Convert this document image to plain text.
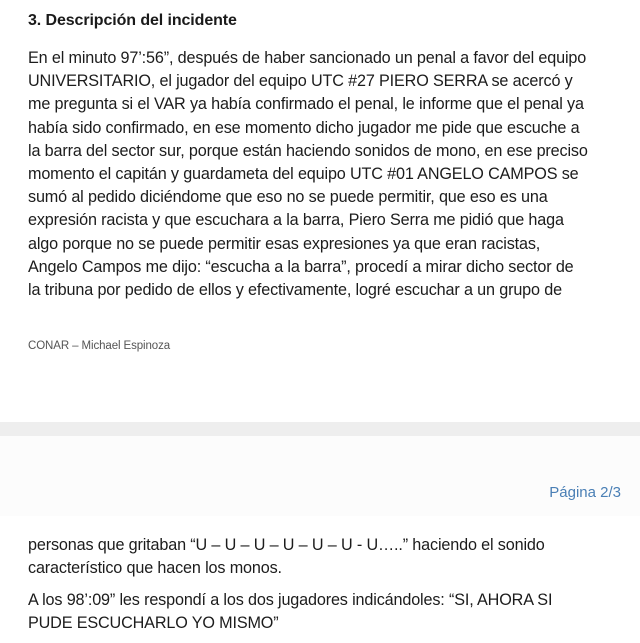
3. Descripción del incidente

En el minuto 97’:56”, después de haber sancionado un penal a favor del equipo
UNIVERSITARIO, el jugador del equipo UTC #27 PIERO SERRA se acercó y
me pregunta si el VAR ya había confirmado el penal, le informe que el penal ya
había sido confirmado, en ese momento dicho jugador me pide que escuche a
la barra del sector sur, porque están haciendo sonidos de mono, en ese preciso
momento el capitán y guardameta del equipo UTC #01 ANGELO CAMPOS se
sumó al pedido diciéndome que eso no se puede permitir, que eso es una
expresión racista y que escuchara a la barra, Piero Serra me pidió que haga
algo porque no se puede permitir esas expresiones ya que eran racistas,
Angelo Campos me dijo: “escucha a la barra”, procedí a mirar dicho sector de
la tribuna por pedido de ellos y efectivamente, logré escuchar a un grupo de

CONAR – Michael Espinoza
Página 2/3

personas que gritaban “U – U – U – U – U – U - U…..” haciendo el sonido
característico que hacen los monos.

A los 98’:09” les respondí a los dos jugadores indicándoles: “SI, AHORA SI
PUDE ESCUCHARLO YO MISMO”
